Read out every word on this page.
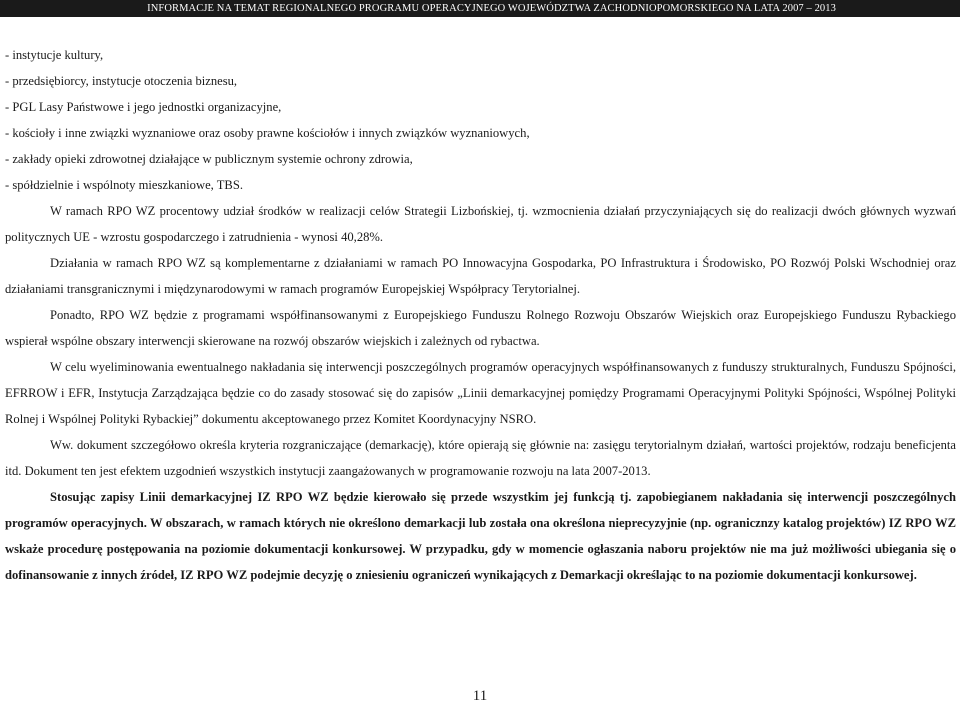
INFORMACJE NA TEMAT REGIONALNEGO PROGRAMU OPERACYJNEGO WOJEWÓDZTWA ZACHODNIOPOMORSKIEGO NA LATA 2007 – 2013

- instytucje kultury,

- przedsiębiorcy, instytucje otoczenia biznesu,

- PGL Lasy Państwowe i jego jednostki organizacyjne,

- kościoły i inne związki wyznaniowe oraz osoby prawne kościołów i innych związków wyznaniowych,

- zakłady opieki zdrowotnej działające w publicznym systemie ochrony zdrowia,

- spółdzielnie i wspólnoty mieszkaniowe, TBS.

W ramach RPO WZ procentowy udział środków w realizacji celów Strategii Lizbońskiej, tj. wzmocnienia działań przyczyniających się do realizacji dwóch głównych wyzwań politycznych UE - wzrostu gospodarczego i zatrudnienia - wynosi 40,28%.

Działania w ramach RPO WZ są komplementarne z działaniami w ramach PO Innowacyjna Gospodarka, PO Infrastruktura i Środowisko, PO Rozwój Polski Wschodniej oraz działaniami transgranicznymi i międzynarodowymi w ramach programów Europejskiej Współpracy Terytorialnej.

Ponadto, RPO WZ będzie z programami współfinansowanymi z Europejskiego Funduszu Rolnego Rozwoju Obszarów Wiejskich oraz Europejskiego Funduszu Rybackiego wspierał wspólne obszary interwencji skierowane na rozwój obszarów wiejskich i zależnych od rybactwa.

W celu wyeliminowania ewentualnego nakładania się interwencji poszczególnych programów operacyjnych współfinansowanych z funduszy strukturalnych, Funduszu Spójności, EFRROW i EFR, Instytucja Zarządzająca będzie co do zasady stosować się do zapisów „Linii demarkacyjnej pomiędzy Programami Operacyjnymi Polityki Spójności, Wspólnej Polityki Rolnej i Wspólnej Polityki Rybackiej” dokumentu akceptowanego przez Komitet Koordynacyjny NSRO.

Ww. dokument szczegółowo określa kryteria rozgraniczające (demarkację), które opierają się głównie na: zasięgu terytorialnym działań, wartości projektów, rodzaju beneficjenta itd. Dokument ten jest efektem uzgodnień wszystkich instytucji zaangażowanych w programowanie rozwoju na lata 2007-2013.

Stosując zapisy Linii demarkacyjnej IZ RPO WZ będzie kierowało się przede wszystkim jej funkcją tj. zapobiegianem nakładania się interwencji poszczególnych programów operacyjnych. W obszarach, w ramach których nie określono demarkacji lub została ona określona nieprecyzyjnie (np. ogranicznzy katalog projektów) IZ RPO WZ wskaże procedurę postępowania na poziomie dokumentacji konkursowej. W przypadku, gdy w momencie ogłaszania naboru projektów nie ma już możliwości ubiegania się o dofinansowanie z innych źródeł, IZ RPO WZ podejmie decyzję o zniesieniu ograniczeń wynikających z Demarkacji określając to na poziomie dokumentacji konkursowej.

11
